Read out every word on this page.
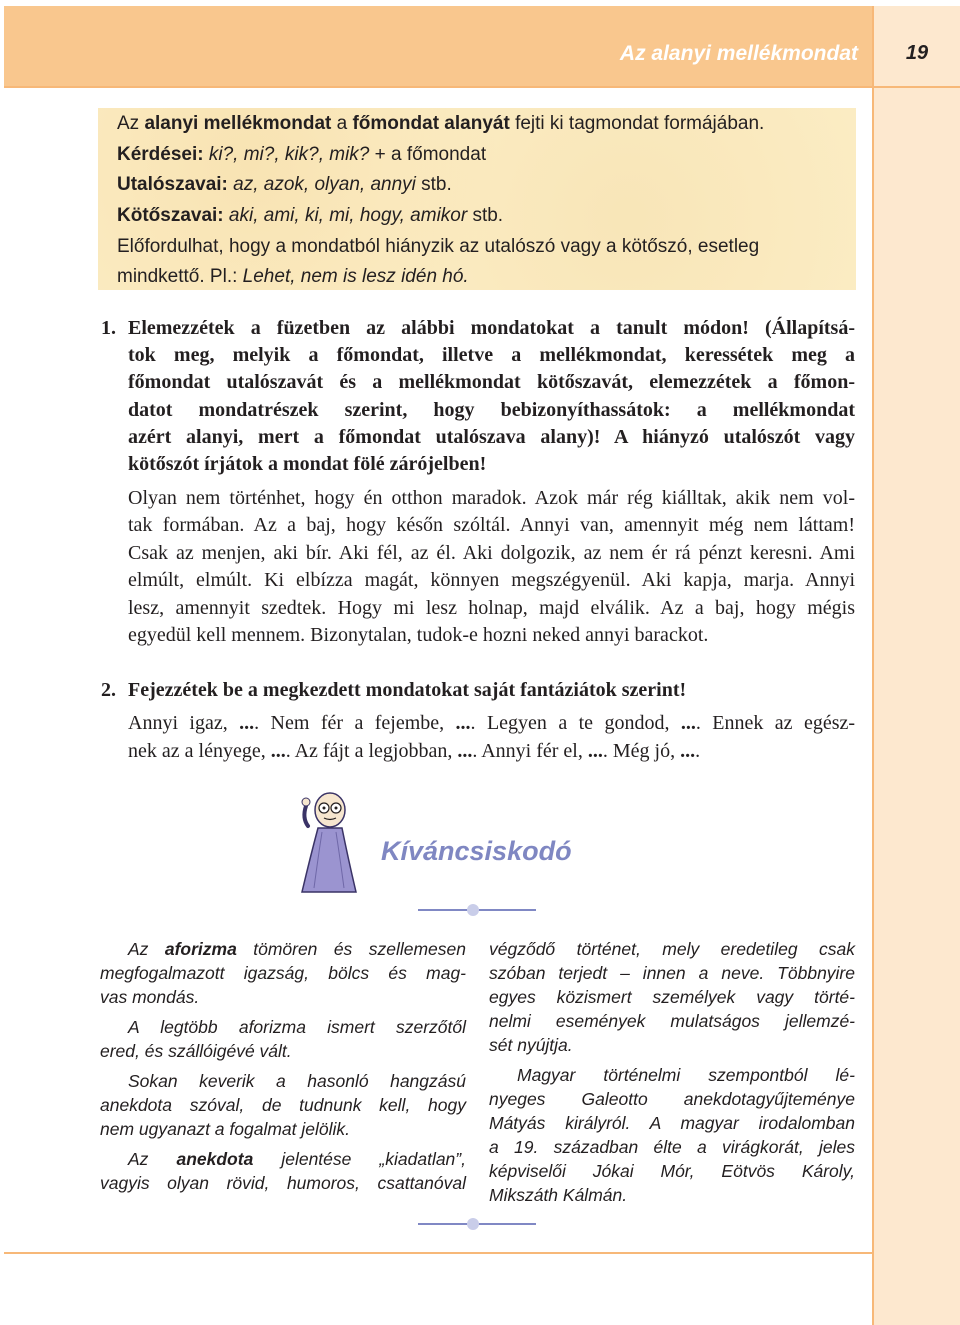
Az alanyi mellékmondat	19
Az alanyi mellékmondat a főmondat alanyát fejti ki tagmondat formájában.
Kérdései: ki?, mi?, kik?, mik? + a főmondat
Utalószavai: az, azok, olyan, annyi stb.
Kötőszavai: aki, ami, ki, mi, hogy, amikor stb.
Előfordulhat, hogy a mondatból hiányzik az utalószó vagy a kötőszó, esetleg
mindkettő. Pl.: Lehet, nem is lesz idén hó.
1. Elemezzétek a füzetben az alábbi mondatokat a tanult módon! (Állapítsá-
tok meg, melyik a főmondat, illetve a mellékmondat, keressétek meg a
főmondat utalószavát és a mellékmondat kötőszavát, elemezzétek a főmon-
datot mondatrészek szerint, hogy bebizonyíthassátok: a mellékmondat
azért alanyi, mert a főmondat utalószava alany)! A hiányzó utalószót vagy
kötőszót írjátok a mondat fölé zárójelben!
Olyan nem történhet, hogy én otthon maradok. Azok már rég kiálltak, akik nem vol-
tak formában. Az a baj, hogy későn szóltál. Annyi van, amennyit még nem láttam!
Csak az menjen, aki bír. Aki fél, az él. Aki dolgozik, az nem ér rá pénzt keresni. Ami
elmúlt, elmúlt. Ki elbízza magát, könnyen megszégyenül. Aki kapja, marja. Annyi
lesz, amennyit szedtek. Hogy mi lesz holnap, majd elválik. Az a baj, hogy mégis
egyedül kell mennem. Bizonytalan, tudok-e hozni neked annyi barackot.
2. Fejezzétek be a megkezdett mondatokat saját fantáziátok szerint!
Annyi igaz, .... Nem fér a fejembe, .... Legyen a te gondod, .... Ennek az egész-
nek az a lényege, .... Az fájt a legjobban, .... Annyi fér el, .... Még jó, ....
Kíváncsiskodó

Az aforizma tömören és szellemesen
megfogalmazott igazság, bölcs és mag-
vas mondás.

A legtöbb aforizma ismert szerzőtől
ered, és szállóigévé vált.

Sokan keverik a hasonló hangzású
anekdota szóval, de tudnunk kell, hogy
nem ugyanazt a fogalmat jelölik.

Az anekdota jelentése „kiadatlan”,
vagyis olyan rövid, humoros, csattanóval

végződő történet, mely eredetileg csak
szóban terjedt – innen a neve. Többnyire
egyes közismert személyek vagy törté-
nelmi események mulatságos jellemzé-
sét nyújtja.

Magyar történelmi szempontból lé-
nyeges Galeotto anekdotagyűjteménye
Mátyás királyról. A magyar irodalomban
a 19. században élte a virágkorát, jeles
képviselői Jókai Mór, Eötvös Károly,
Mikszáth Kálmán.
